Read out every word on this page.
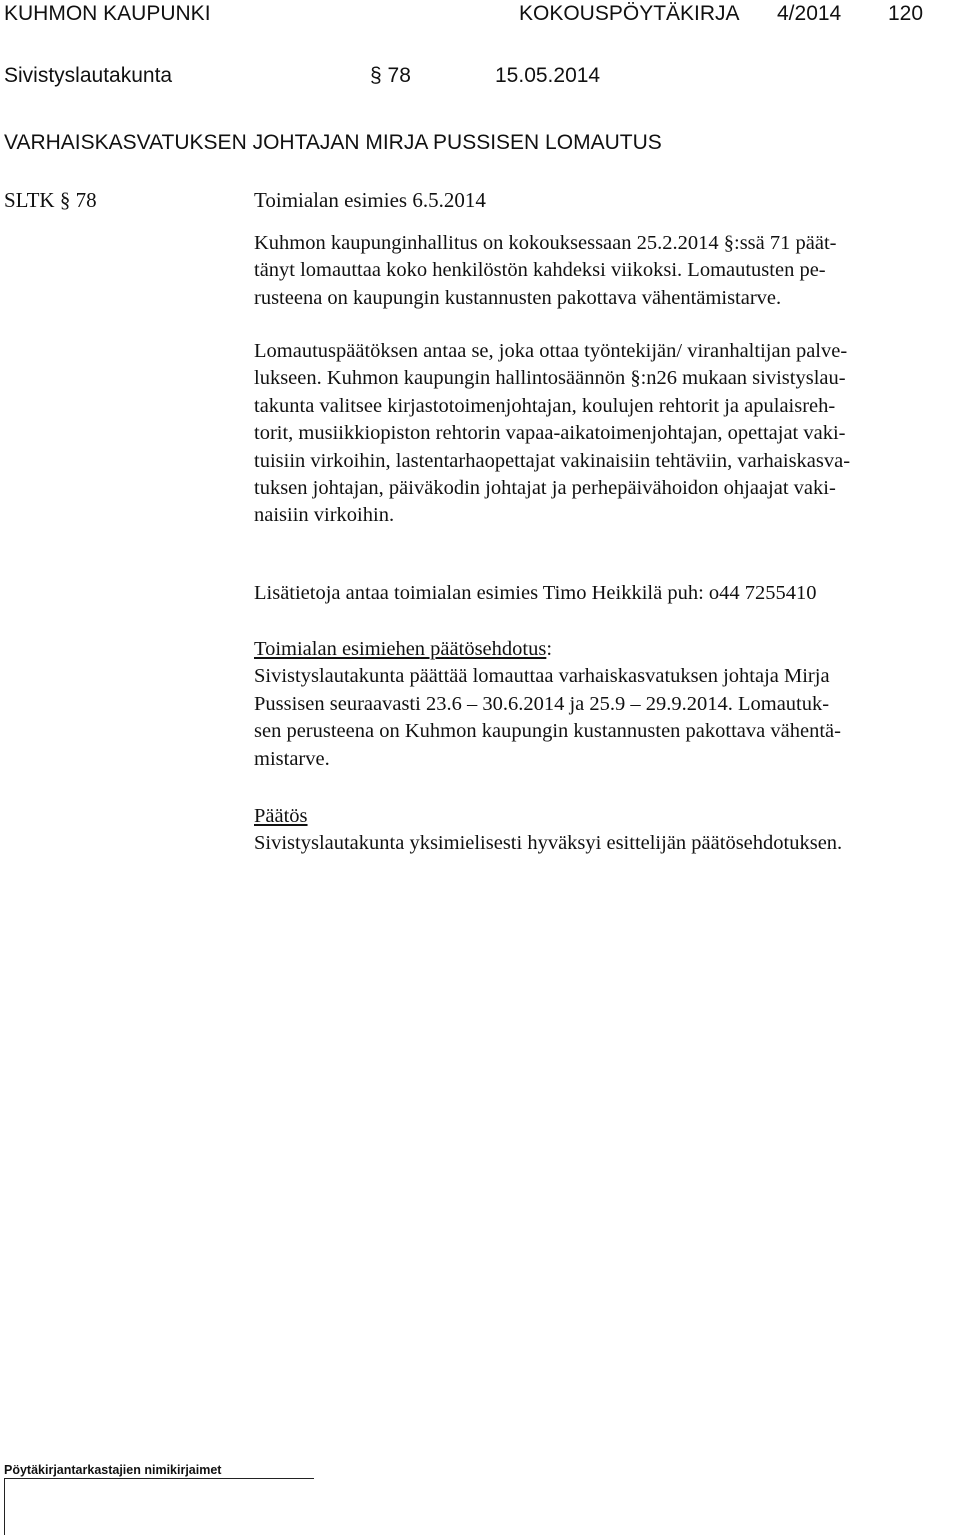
KUHMON KAUPUNKI	KOKOUSPÖYTÄKIRJA 4/2014 120
Sivistyslautakunta	§ 78	15.05.2014
VARHAISKASVATUKSEN JOHTAJAN MIRJA PUSSISEN LOMAUTUS
SLTK § 78	Toimialan esimies 6.5.2014

Kuhmon kaupunginhallitus on kokouksessaan 25.2.2014 §:ssä 71 päät-

tänyt lomauttaa koko henkilöstön kahdeksi viikoksi. Lomautusten pe-

rusteena on kaupungin kustannusten pakottava vähentämistarve.

Lomautuspäätöksen antaa se, joka ottaa työntekijän/ viranhaltijan palve-

lukseen. Kuhmon kaupungin hallintosäännön §:n26 mukaan sivistyslau-

takunta valitsee kirjastotoimenjohtajan, koulujen rehtorit ja apulaisreh-

torit, musiikkiopiston rehtorin vapaa-aikatoimenjohtajan, opettajat vaki-

tuisiin virkoihin, lastentarhaopettajat vakinaisiin tehtäviin, varhaiskasva-

tuksen johtajan, päiväkodin johtajat ja perhepäivähoidon ohjaajat vaki-

naisiin virkoihin.

Lisätietoja antaa toimialan esimies Timo Heikkilä puh: o44 7255410

Toimialan esimiehen päätösehdotus:

Sivistyslautakunta päättää lomauttaa varhaiskasvatuksen johtaja Mirja

Pussisen seuraavasti 23.6 – 30.6.2014 ja 25.9 – 29.9.2014. Lomautuk-

sen perusteena on Kuhmon kaupungin kustannusten pakottava vähentä-

mistarve.

Päätös

Sivistyslautakunta yksimielisesti hyväksyi esittelijän päätösehdotuksen.

Pöytäkirjantarkastajien nimikirjaimet
